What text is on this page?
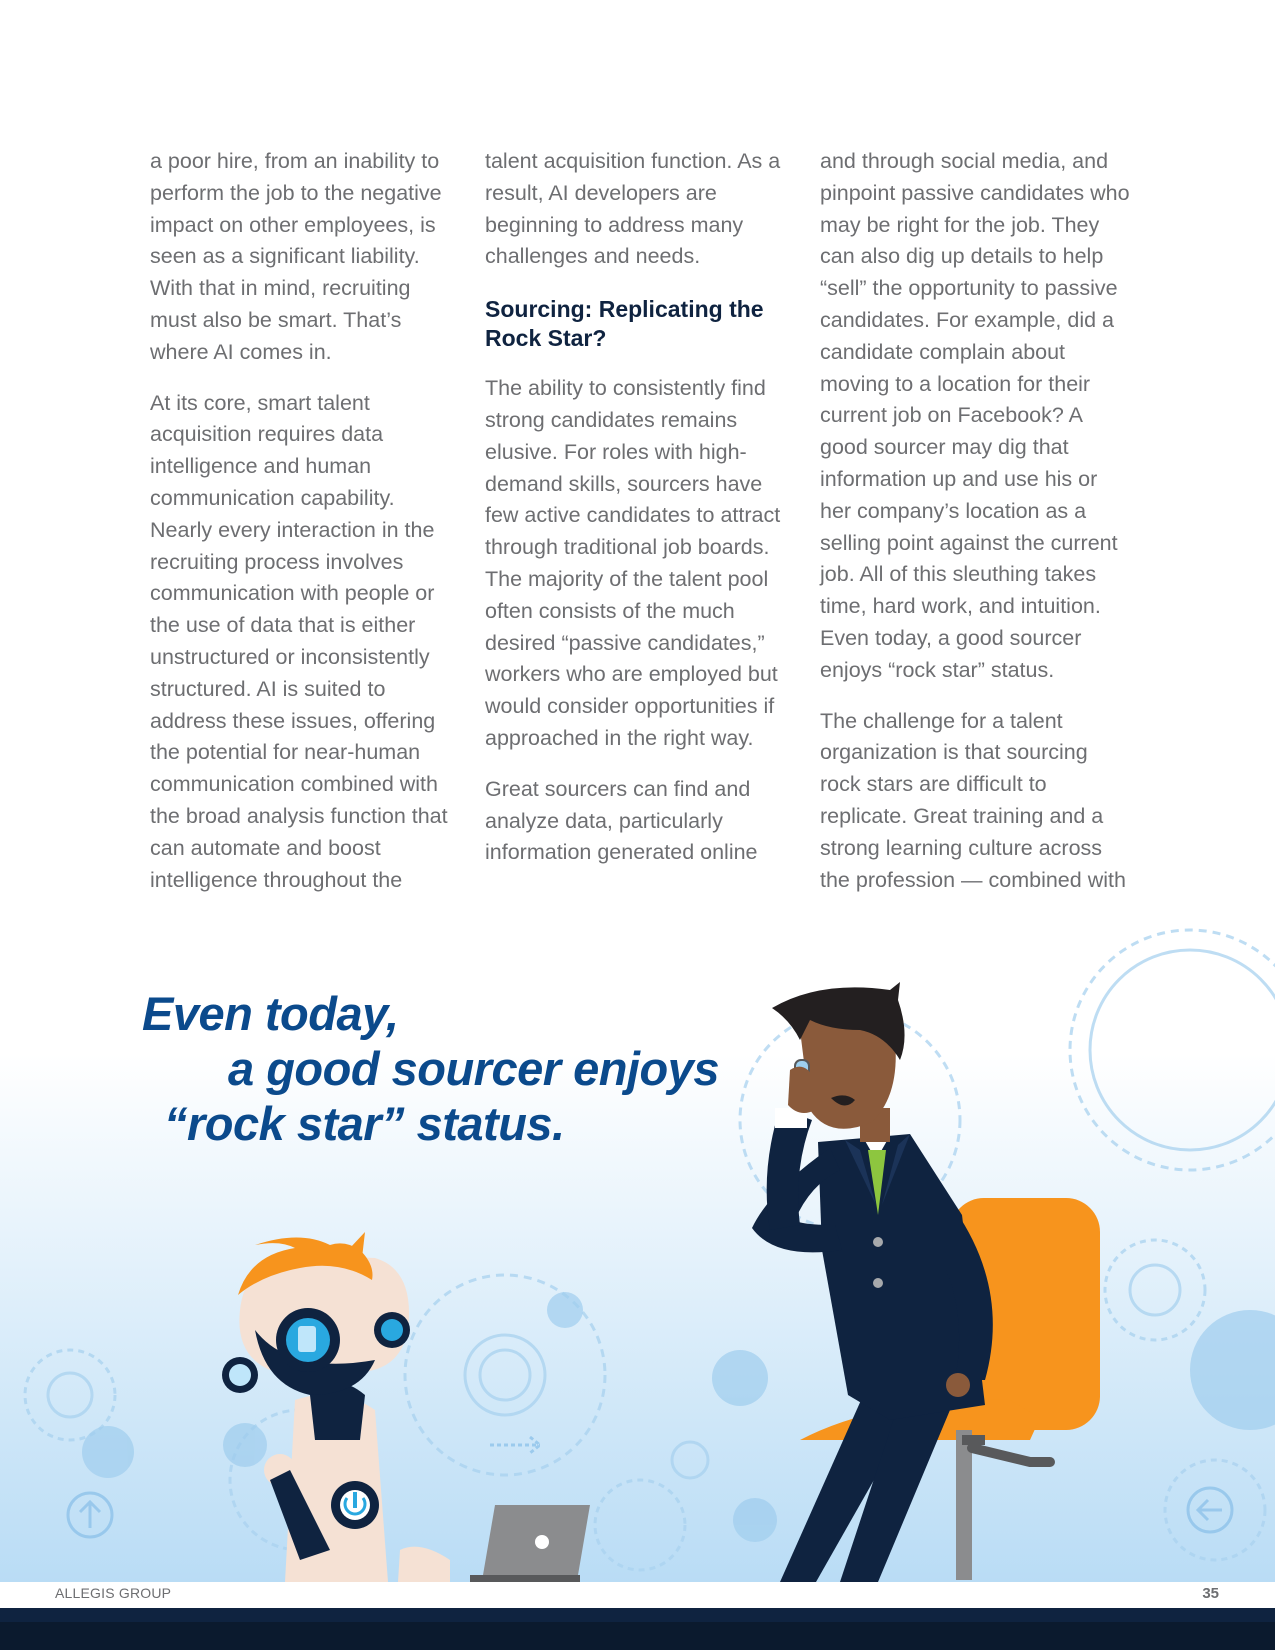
a poor hire, from an inability to perform the job to the negative impact on other employees, is seen as a significant liability. With that in mind, recruiting must also be smart. That’s where AI comes in.

At its core, smart talent acquisition requires data intelligence and human communication capability. Nearly every interaction in the recruiting process involves communication with people or the use of data that is either unstructured or inconsistently structured. AI is suited to address these issues, offering the potential for near-human communication combined with the broad analysis function that can automate and boost intelligence throughout the

talent acquisition function. As a result, AI developers are beginning to address many challenges and needs.

Sourcing: Replicating the Rock Star?

The ability to consistently find strong candidates remains elusive. For roles with high-demand skills, sourcers have few active candidates to attract through traditional job boards. The majority of the talent pool often consists of the much desired “passive candidates,” workers who are employed but would consider opportunities if approached in the right way.

Great sourcers can find and analyze data, particularly information generated online

and through social media, and pinpoint passive candidates who may be right for the job. They can also dig up details to help “sell” the opportunity to passive candidates. For example, did a candidate complain about moving to a location for their current job on Facebook? A good sourcer may dig that information up and use his or her company’s location as a selling point against the current job. All of this sleuthing takes time, hard work, and intuition. Even today, a good sourcer enjoys “rock star” status.

The challenge for a talent organization is that sourcing rock stars are difficult to replicate. Great training and a strong learning culture across the profession — combined with

Even today,
a good sourcer enjoys
“rock star” status.
ALLEGIS GROUP	35
